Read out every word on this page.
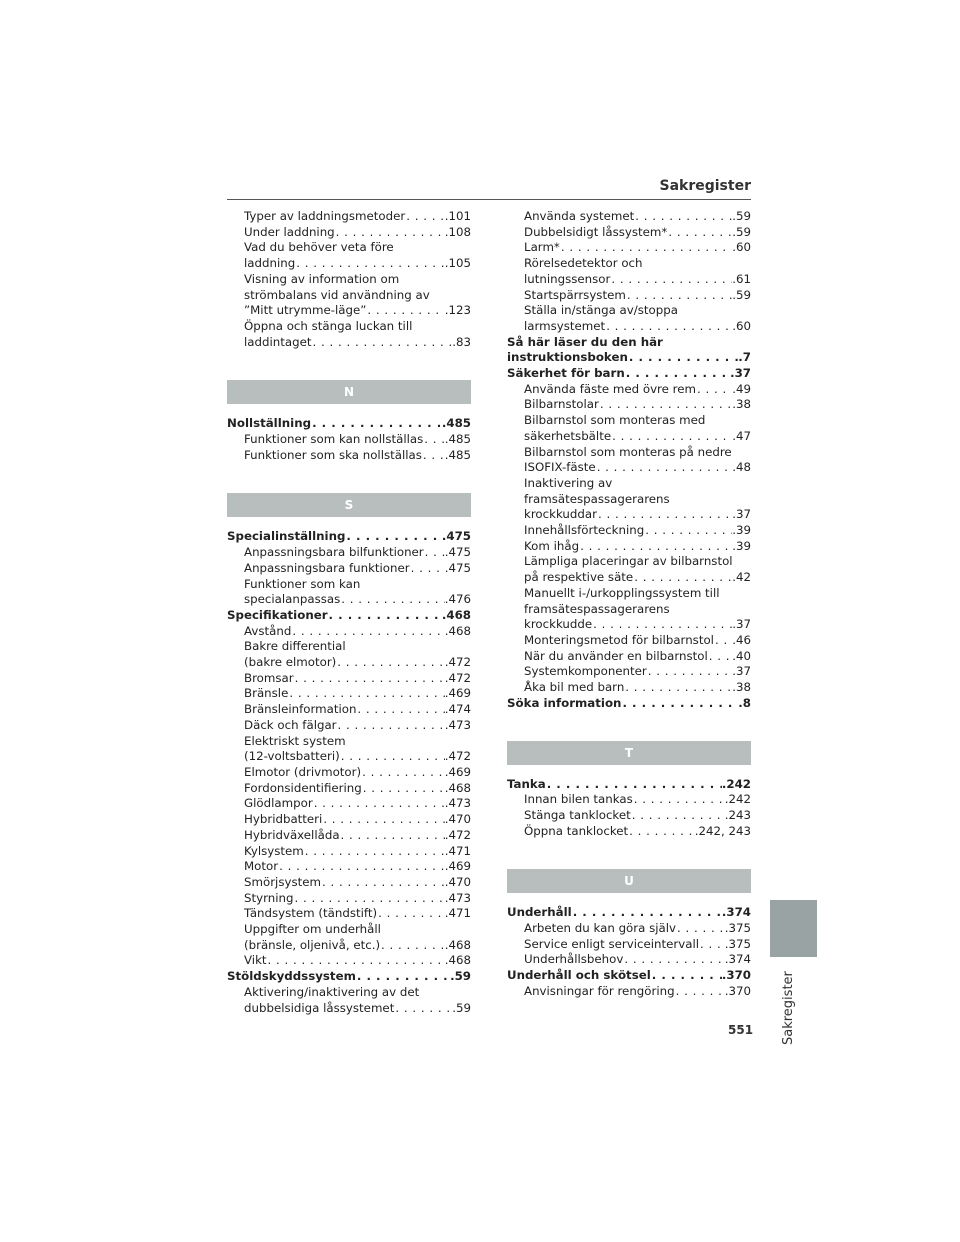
Sakregister
Typer av laddningsmetoder . . .	.101
Under laddning . . .	.108
Vad du behöver veta före
laddning . . .	.105
Visning av information om
strömbalans vid användning av
”Mitt utrymme-läge” . . .	.123
Öppna och stänga luckan till
laddintaget . . .	.83
N
Nollställning . . .	.485
Funktioner som kan nollställas . . . .485
Funktioner som ska nollställas . . . .485
S
Specialinställning . . .	.475
Anpassningsbara bilfunktioner . . . .475
Anpassningsbara funktioner . . .	.475
Funktioner som kan
specialanpassas . . .	.476
Specifikationer . . .	.468
Avstånd . . .	.468
Bakre differential
(bakre elmotor) . . .	.472
Bromsar . . .	.472
Bränsle . . .	.469
Bränsleinformation . . .	.474
Däck och fälgar . . .	.473
Elektriskt system
(12-voltsbatteri) . . .	.472
Elmotor (drivmotor) . . .	.469
Fordonsidentifiering . . .	.468
Glödlampor . . .	.473
Hybridbatteri . . .	.470
Hybridväxellåda . . .	.472
Kylsystem . . .	.471
Motor . . .	.469
Smörjsystem . . .	.470
Styrning . . .	.473
Tändsystem (tändstift) . . .	.471
Uppgifter om underhåll
(bränsle, oljenivå, etc.) . . .	.468
Vikt . . .	.468
Stöldskyddssystem . . .	.59
Aktivering/inaktivering av det
dubbelsidiga låssystemet . . .	.59
Använda systemet . . .	.59
Dubbelsidigt låssystem* . . .	.59
Larm* . . .	.60
Rörelsedetektor och
lutningssensor . . .	.61
Startspärrsystem . . .	.59
Ställa in/stänga av/stoppa
larmsystemet . . .	.60
Så här läser du den här
instruktionsboken . . .	.7
Säkerhet för barn . . .	.37
Använda fäste med övre rem . . .	.49
Bilbarnstolar . . .	.38
Bilbarnstol som monteras med
säkerhetsbälte . . .	.47
Bilbarnstol som monteras på nedre
ISOFIX-fäste . . .	.48
Inaktivering av
framsätespassagerarens
krockkuddar . . .	.37
Innehållsförteckning . . .	.39
Kom ihåg . . .	.39
Lämpliga placeringar av bilbarnstol
på respektive säte . . .	.42
Manuellt i-/urkopplingssystem till
framsätespassagerarens
krockkudde . . .	.37
Monteringsmetod för bilbarnstol . . . .46
När du använder en bilbarnstol . . . .40
Systemkomponenter . . .	.37
Åka bil med barn . . .	.38
Söka information . . .	.8
T
Tanka . . .	.242
Innan bilen tankas . . .	.242
Stänga tanklocket . . .	.243
Öppna tanklocket . . .	.242, 243
U
Underhåll . . .	.374
Arbeten du kan göra själv . . .	.375
Service enligt serviceintervall . . . .375
Underhållsbehov . . .	.374
Underhåll och skötsel . . .	.370
Anvisningar för rengöring . . .	.370 Sakregister
551
